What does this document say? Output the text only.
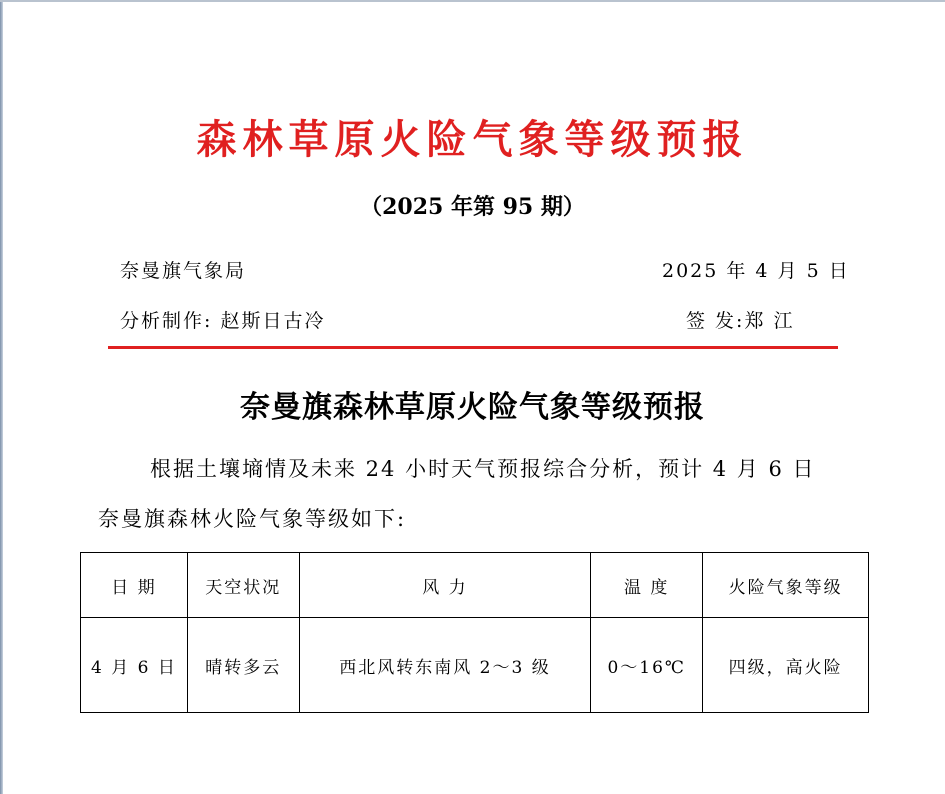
森林草原火险气象等级预报
（2025 年第 95 期）
奈曼旗气象局	2025 年 4 月 5 日
分析制作: 赵斯日古冷	签 发:郑 江
奈曼旗森林草原火险气象等级预报
根据土壤墒情及未来 24 小时天气预报综合分析，预计 4 月 6 日
奈曼旗森林火险气象等级如下:
日 期	天空状况	风 力	温 度	火险气象等级
4 月 6 日	晴转多云	西北风转东南风 2～3 级	0～16℃	四级，高火险
